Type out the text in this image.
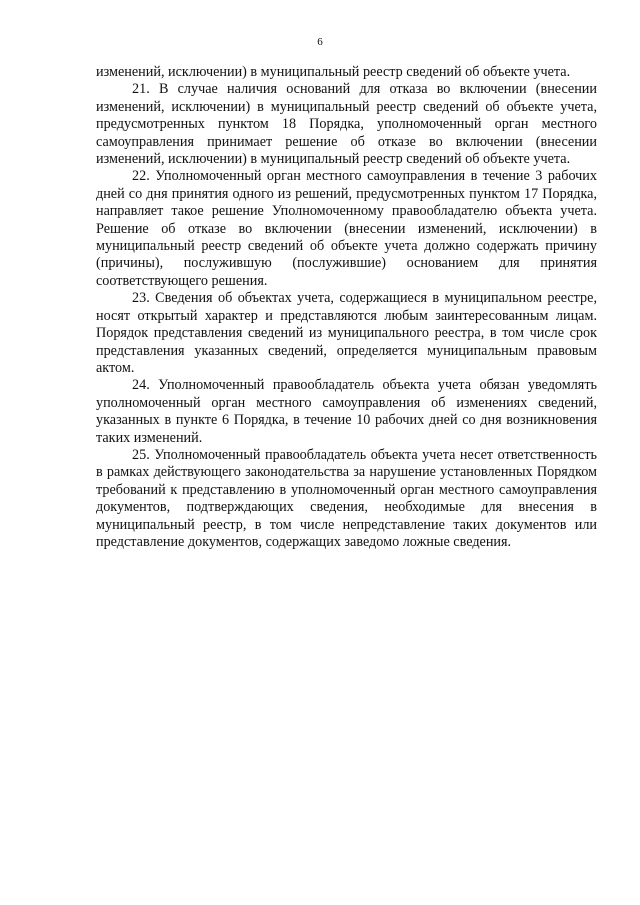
6

изменений, исключении) в муниципальный реестр сведений об объекте учета.

21. В случае наличия оснований для отказа во включении (внесении изменений, исключении) в муниципальный реестр сведений об объекте учета, предусмотренных пунктом 18 Порядка, уполномоченный орган местного самоуправления принимает решение об отказе во включении (внесении изменений, исключении) в муниципальный реестр сведений об объекте учета.

22. Уполномоченный орган местного самоуправления в течение 3 рабочих дней со дня принятия одного из решений, предусмотренных пунктом 17 Порядка, направляет такое решение Уполномоченному правообладателю объекта учета. Решение об отказе во включении (внесении изменений, исключении) в муниципальный реестр сведений об объекте учета должно содержать причину (причины), послужившую (послужившие) основанием для принятия соответствующего решения.

23. Сведения об объектах учета, содержащиеся в муниципальном реестре, носят открытый характер и представляются любым заинтересованным лицам. Порядок представления сведений из муниципального реестра, в том числе срок представления указанных сведений, определяется муниципальным правовым актом.

24. Уполномоченный правообладатель объекта учета обязан уведомлять уполномоченный орган местного самоуправления об изменениях сведений, указанных в пункте 6 Порядка, в течение 10 рабочих дней со дня возникновения таких изменений.

25. Уполномоченный правообладатель объекта учета несет ответственность в рамках действующего законодательства за нарушение установленных Порядком требований к представлению в уполномоченный орган местного самоуправления документов, подтверждающих сведения, необходимые для внесения в муниципальный реестр, в том числе непредставление таких документов или представление документов, содержащих заведомо ложные сведения.
